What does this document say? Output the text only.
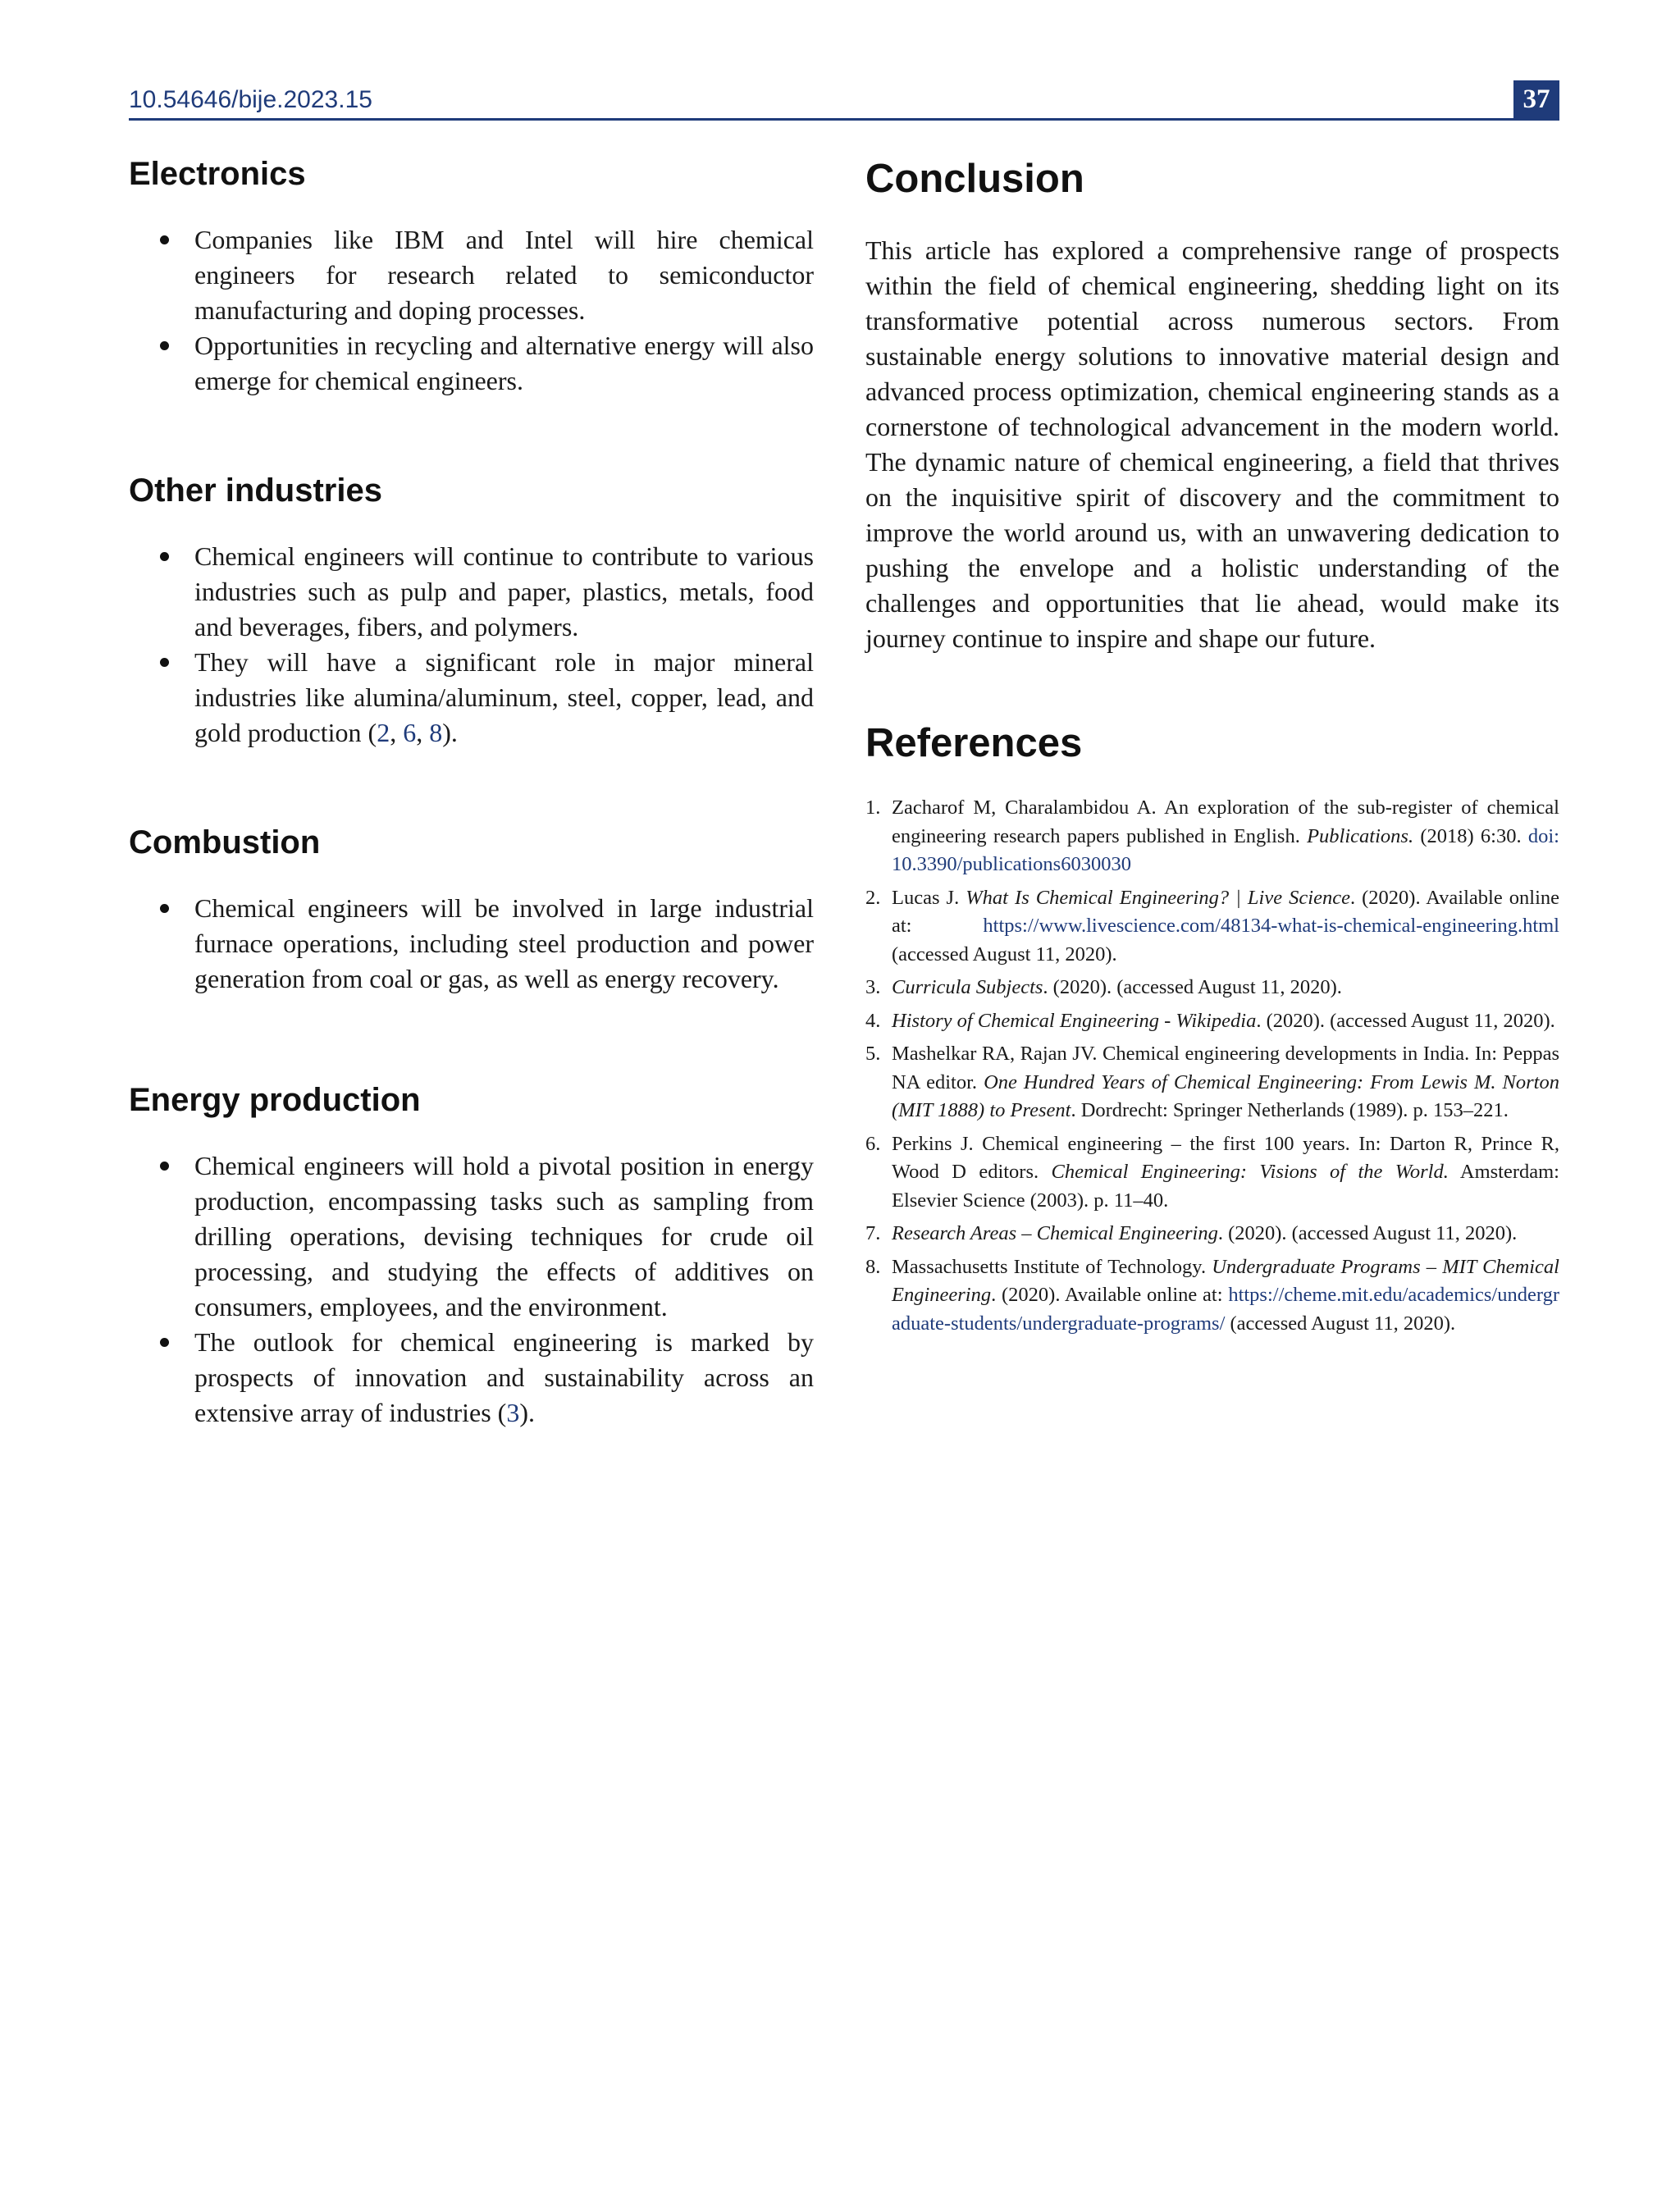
10.54646/bije.2023.15	37
Electronics
Companies like IBM and Intel will hire chemical engineers for research related to semiconductor manufacturing and doping processes.
Opportunities in recycling and alternative energy will also emerge for chemical engineers.
Other industries
Chemical engineers will continue to contribute to various industries such as pulp and paper, plastics, metals, food and beverages, fibers, and polymers.
They will have a significant role in major mineral industries like alumina/aluminum, steel, copper, lead, and gold production (2, 6, 8).
Combustion
Chemical engineers will be involved in large industrial furnace operations, including steel production and power generation from coal or gas, as well as energy recovery.
Energy production
Chemical engineers will hold a pivotal position in energy production, encompassing tasks such as sampling from drilling operations, devising techniques for crude oil processing, and studying the effects of additives on consumers, employees, and the environment.
The outlook for chemical engineering is marked by prospects of innovation and sustainability across an extensive array of industries (3).
Conclusion

This article has explored a comprehensive range of prospects within the field of chemical engineering, shedding light on its transformative potential across numerous sectors. From sustainable energy solutions to innovative material design and advanced process optimization, chemical engineering stands as a cornerstone of technological advancement in the modern world. The dynamic nature of chemical engineering, a field that thrives on the inquisitive spirit of discovery and the commitment to improve the world around us, with an unwavering dedication to pushing the envelope and a holistic understanding of the challenges and opportunities that lie ahead, would make its journey continue to inspire and shape our future.

References
1. Zacharof M, Charalambidou A. An exploration of the sub-register of chemical engineering research papers published in English. Publications. (2018) 6:30. doi: 10.3390/publications6030030
2. Lucas J. What Is Chemical Engineering? | Live Science. (2020). Available online at: https://www.livescience.com/48134-what-is-chemical-engineering.html (accessed August 11, 2020).
3. Curricula Subjects. (2020). (accessed August 11, 2020).
4. History of Chemical Engineering - Wikipedia. (2020). (accessed August 11, 2020).
5. Mashelkar RA, Rajan JV. Chemical engineering developments in India. In: Peppas NA editor. One Hundred Years of Chemical Engineering: From Lewis M. Norton (MIT 1888) to Present. Dordrecht: Springer Netherlands (1989). p. 153–221.
6. Perkins J. Chemical engineering – the first 100 years. In: Darton R, Prince R, Wood D editors. Chemical Engineering: Visions of the World. Amsterdam: Elsevier Science (2003). p. 11–40.
7. Research Areas – Chemical Engineering. (2020). (accessed August 11, 2020).
8. Massachusetts Institute of Technology. Undergraduate Programs – MIT Chemical Engineering. (2020). Available online at: https://cheme.mit.edu/academics/undergraduate-students/undergraduate-programs/ (accessed August 11, 2020).
